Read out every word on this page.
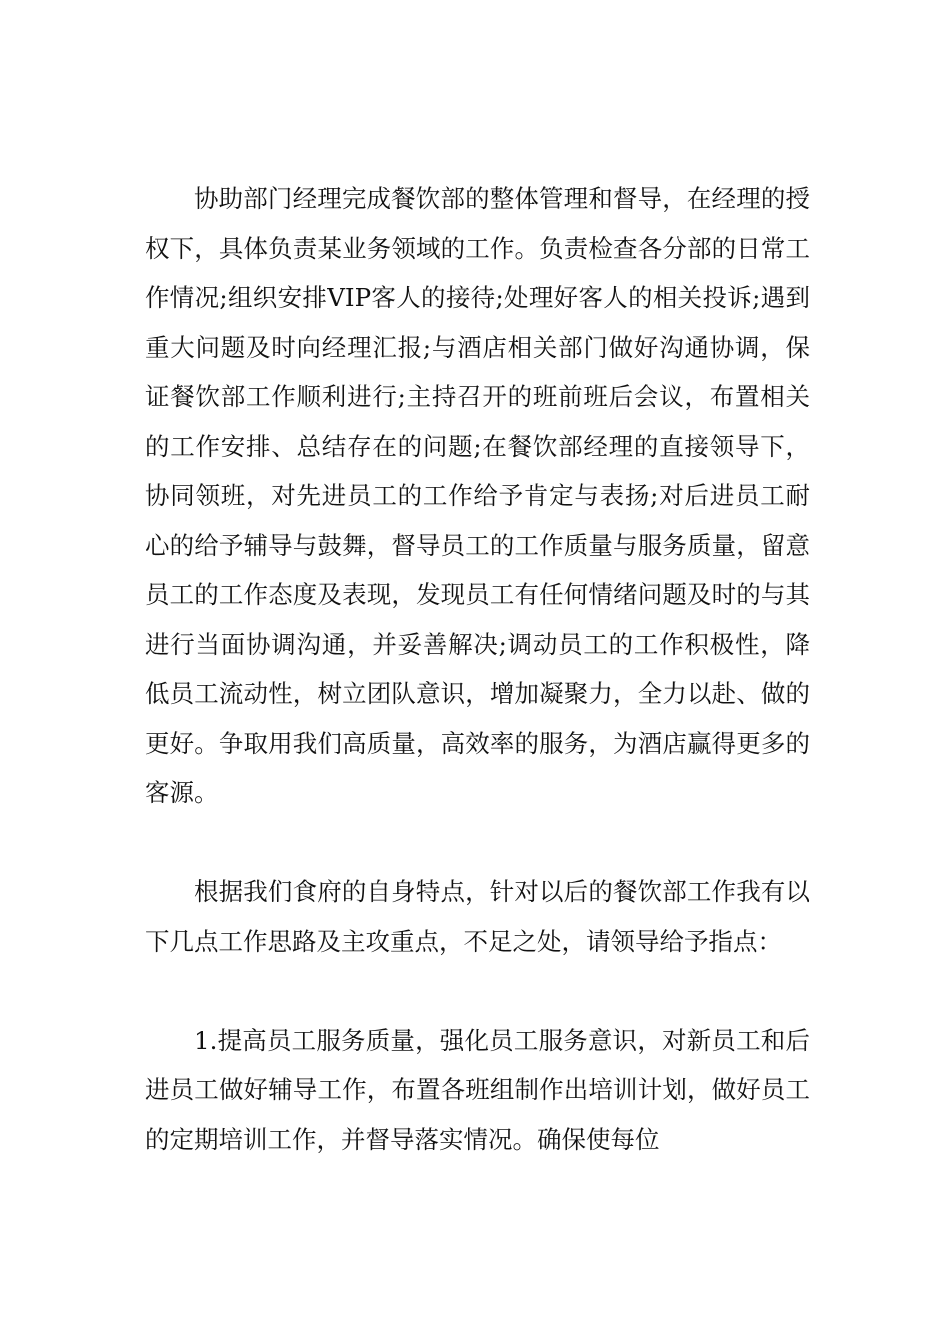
协助部门经理完成餐饮部的整体管理和督导，在经理的授权下，具体负责某业务领域的工作。负责检查各分部的日常工作情况;组织安排VIP客人的接待;处理好客人的相关投诉;遇到重大问题及时向经理汇报;与酒店相关部门做好沟通协调，保证餐饮部工作顺利进行;主持召开的班前班后会议，布置相关的工作安排、总结存在的问题;在餐饮部经理的直接领导下，协同领班，对先进员工的工作给予肯定与表扬;对后进员工耐心的给予辅导与鼓舞，督导员工的工作质量与服务质量，留意员工的工作态度及表现，发现员工有任何情绪问题及时的与其进行当面协调沟通，并妥善解决;调动员工的工作积极性，降低员工流动性，树立团队意识，增加凝聚力，全力以赴、做的更好。争取用我们高质量，高效率的服务，为酒店赢得更多的客源。

根据我们食府的自身特点，针对以后的餐饮部工作我有以下几点工作思路及主攻重点，不足之处，请领导给予指点：

1.提高员工服务质量，强化员工服务意识，对新员工和后进员工做好辅导工作，布置各班组制作出培训计划，做好员工的定期培训工作，并督导落实情况。确保使每位
